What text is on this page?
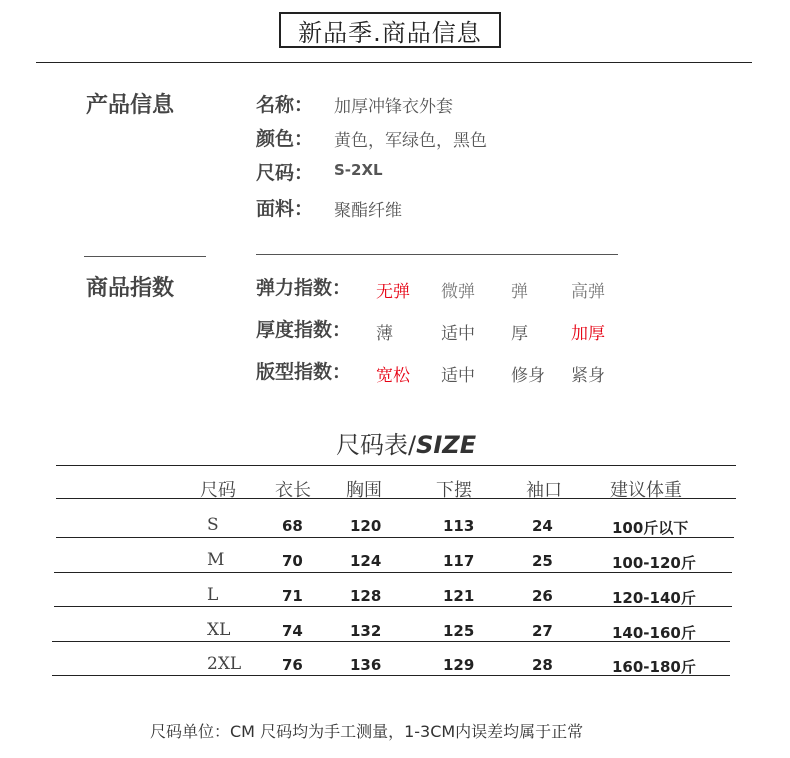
新品季.商品信息
产品信息	名称： 加厚冲锋衣外套
颜色： 黄色，军绿色，黑色
尺码： S-2XL
面料： 聚酯纤维
商品指数	弹力指数： 无弹 微弹 弹	高弹
厚度指数： 薄	适中 厚	加厚
版型指数： 宽松 适中 修身 紧身
尺码表/SIZE
尺码 衣长 胸围	下摆	袖口	建议体重
S	68	120	113	24	100斤以下
M	70	124	117	25	100-120斤
L	71	128	121	26	120-140斤
XL	74	132	125	27	140-160斤
2XL	76	136	129	28	160-180斤
尺码单位：CM 尺码均为手工测量，1-3CM内误差均属于正常
